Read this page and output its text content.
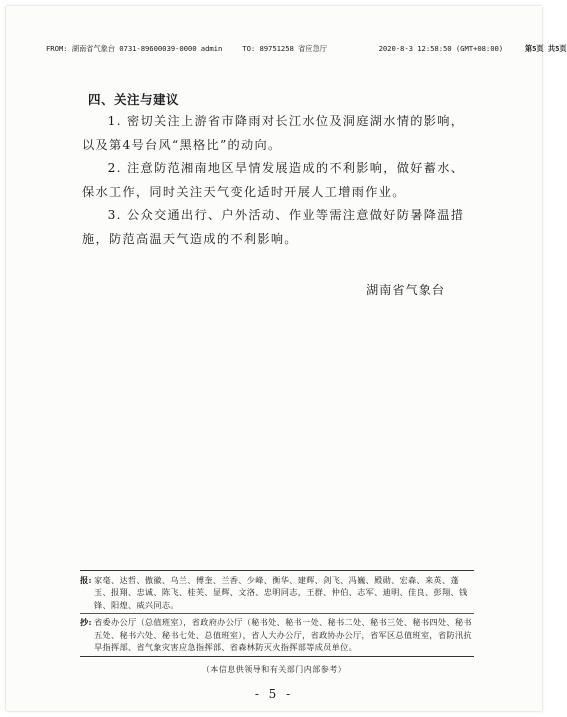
FROM: 湖南省气象台 0731-89600039-0000 admin	TO: 89751258 省应急厅	2020-8-3 12:58:50 (GMT+08:00)	第5页 共5页
四、关注与建议

1. 密切关注上游省市降雨对长江水位及洞庭湖水情的影响，以及第4号台风“黑格比”的动向。

2. 注意防范湘南地区旱情发展造成的不利影响，做好蓄水、保水工作，同时关注天气变化适时开展人工增雨作业。

3. 公众交通出行、户外活动、作业等需注意做好防暑降温措施，防范高温天气造成的不利影响。

湖南省气象台
报: 家毫、达哲、傲徽、乌兰、傅奎、兰香、少峰、衡华、建辉、剑飞、冯巍、殿勋、宏森、来英、蓬玉、报翔、忠诚、陈飞、桂芙、显辉、文洛、忠明同志，王群、仲伯、志军、迪明、佳良、彭翔、钱锋、阳煌、威兴同志。
抄: 省委办公厅（总值班室），省政府办公厅（秘书处、秘书一处、秘书二处、秘书三处、秘书四处、秘书五处、秘书六处、秘书七处、总值班室），省人大办公厅，省政协办公厅，省军区总值班室，省防汛抗旱指挥部、省气象灾害应急指挥部、省森林防灭火指挥部等成员单位。
（本信息供领导和有关部门内部参考）
- 5 -
